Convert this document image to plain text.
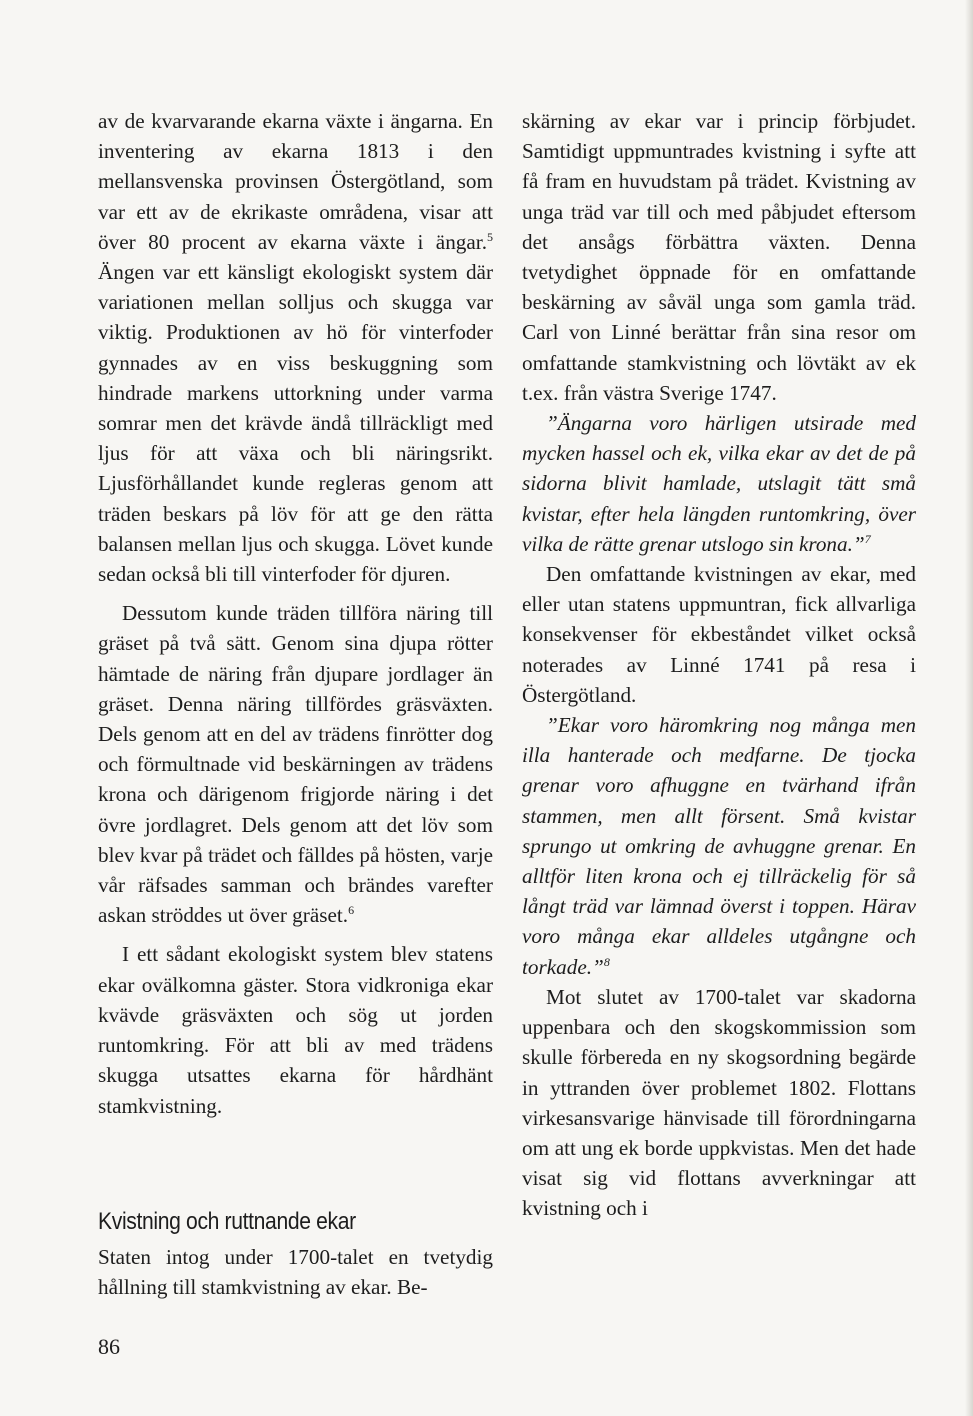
av de kvarvarande ekarna växte i ängarna. En inventering av ekarna 1813 i den mellansvenska provinsen Östergötland, som var ett av de ekrikaste områdena, visar att över 80 procent av ekarna växte i ängar.$^5$ Ängen var ett känsligt ekologiskt system där variationen mellan solljus och skugga var viktig. Produktionen av hö för vinterfoder gynnades av en viss beskuggning som hindrade markens uttorkning under varma somrar men det krävde ändå tillräckligt med ljus för att växa och bli näringsrikt. Ljusförhållandet kunde regleras genom att träden beskars på löv för att ge den rätta balansen mellan ljus och skugga. Lövet kunde sedan också bli till vinterfoder för djuren.

Dessutom kunde träden tillföra näring till gräset på två sätt. Genom sina djupa rötter hämtade de näring från djupare jordlager än gräset. Denna näring tillfördes gräsväxten. Dels genom att en del av trädens finrötter dog och förmultnade vid beskärningen av trädens krona och därigenom frigjorde näring i det övre jordlagret. Dels genom att det löv som blev kvar på trädet och fälldes på hösten, varje vår räfsades samman och brändes varefter askan ströddes ut över gräset.$^6$

I ett sådant ekologiskt system blev statens ekar ovälkomna gäster. Stora vidkroniga ekar kvävde gräsväxten och sög ut jorden runtomkring. För att bli av med trädens skugga utsattes ekarna för hårdhänt stamkvistning.

Kvistning och ruttnande ekar

Staten intog under 1700-talet en tvetydig hållning till stamkvistning av ekar. Be-

skärning av ekar var i princip förbjudet. Samtidigt uppmuntrades kvistning i syfte att få fram en huvudstam på trädet. Kvistning av unga träd var till och med påbjudet eftersom det ansågs förbättra växten. Denna tvetydighet öppnade för en omfattande beskärning av såväl unga som gamla träd. Carl von Linné berättar från sina resor om omfattande stamkvistning och lövtäkt av ek t.ex. från västra Sverige 1747.

”Ängarna voro härligen utsirade med mycken hassel och ek, vilka ekar av det de på sidorna blivit hamlade, utslagit tätt små kvistar, efter hela längden runtomkring, över vilka de rätte grenar utslogo sin krona.”$^7$

Den omfattande kvistningen av ekar, med eller utan statens uppmuntran, fick allvarliga konsekvenser för ekbeståndet vilket också noterades av Linné 1741 på resa i Östergötland.

”Ekar voro häromkring nog många men illa hanterade och medfarne. De tjocka grenar voro afhuggne en tvärhand ifrån stammen, men allt försent. Små kvistar sprungo ut omkring de avhuggne grenar. En alltför liten krona och ej tillräckelig för så långt träd var lämnad överst i toppen. Härav voro många ekar alldeles utgångne och torkade.”$^8$

Mot slutet av 1700-talet var skadorna uppenbara och den skogskommission som skulle förbereda en ny skogsordning begärde in yttranden över problemet 1802. Flottans virkesansvarige hänvisade till förordningarna om att ung ek borde uppkvistas. Men det hade visat sig vid flottans avverkningar att kvistning och i

86
